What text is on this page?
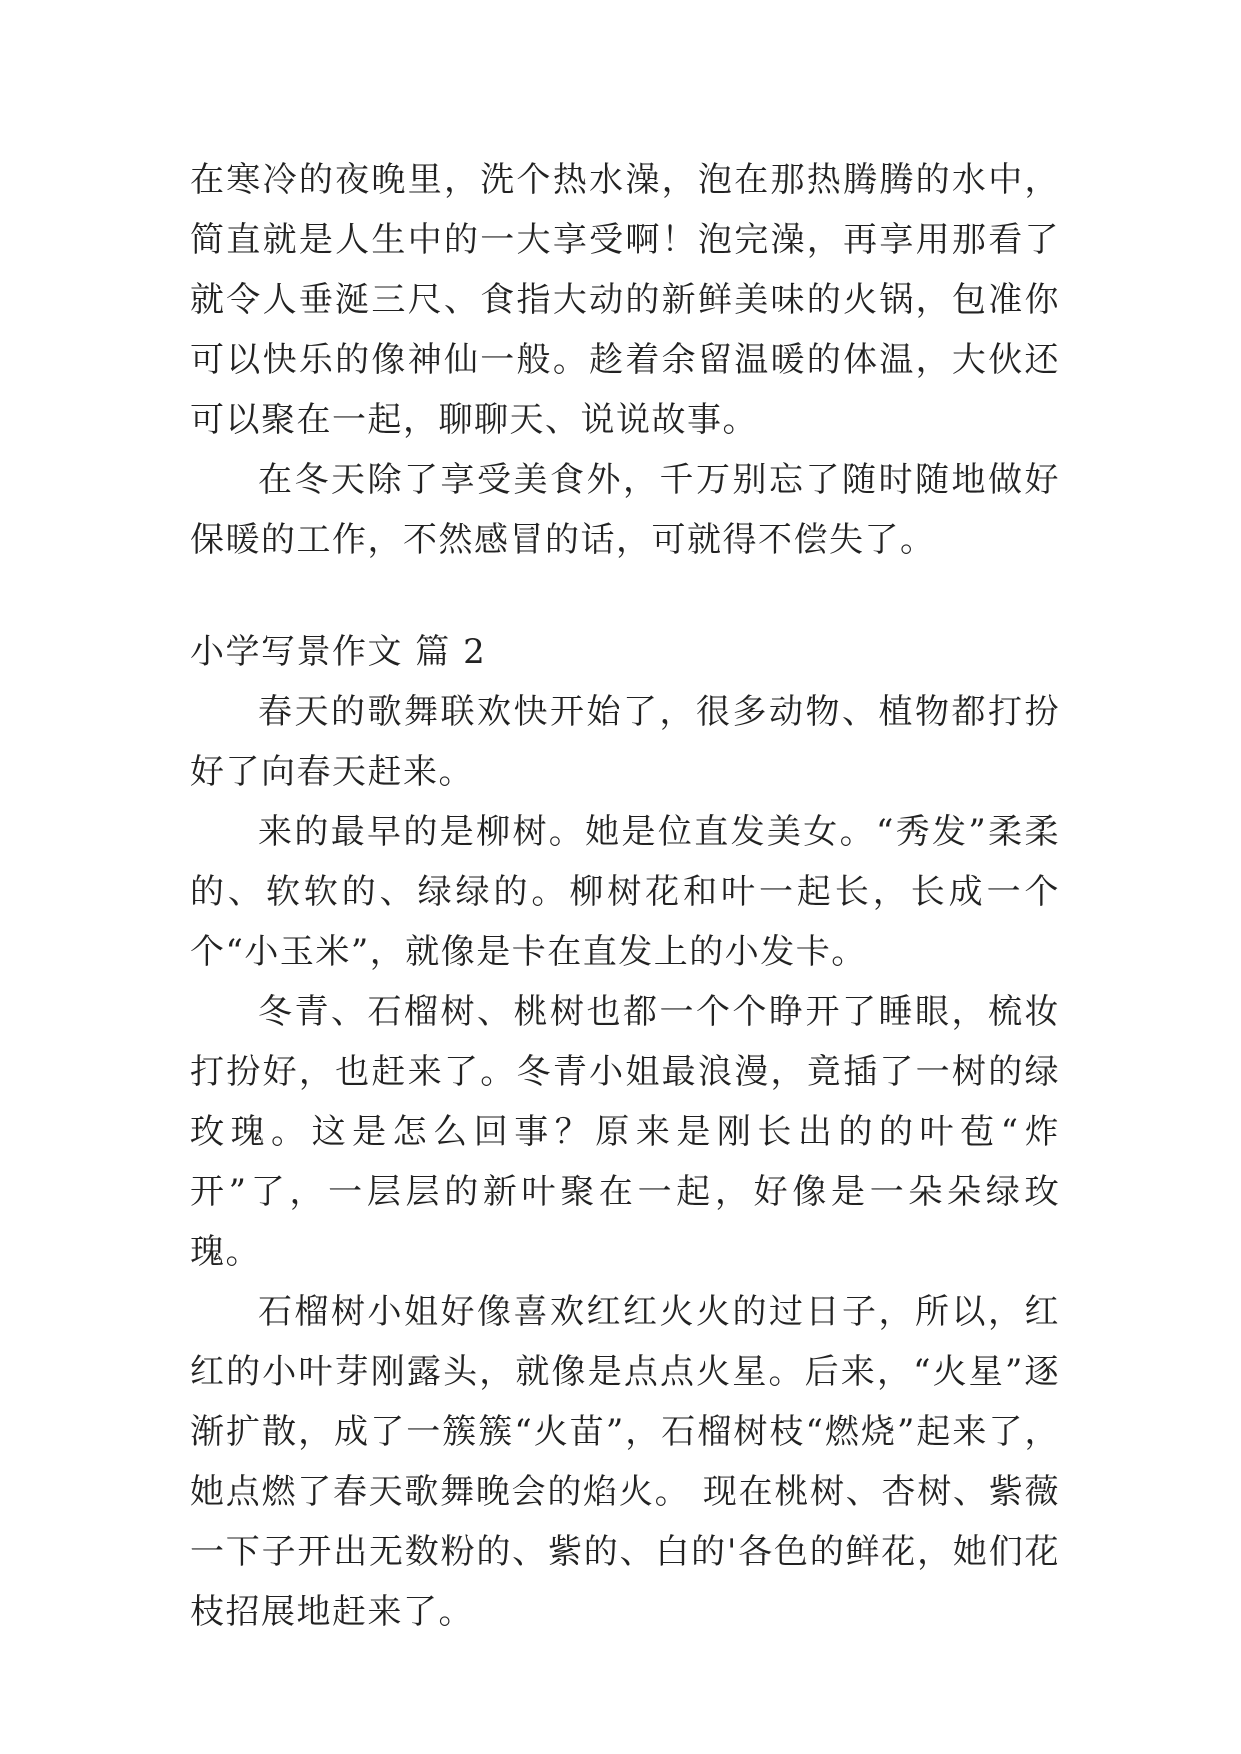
在寒冷的夜晚里，洗个热水澡，泡在那热腾腾的水中，简直就是人生中的一大享受啊！泡完澡，再享用那看了就令人垂涎三尺、食指大动的新鲜美味的火锅，包准你可以快乐的像神仙一般。趁着余留温暖的体温，大伙还可以聚在一起，聊聊天、说说故事。

在冬天除了享受美食外，千万别忘了随时随地做好保暖的工作，不然感冒的话，可就得不偿失了。

小学写景作文 篇 2

春天的歌舞联欢快开始了，很多动物、植物都打扮好了向春天赶来。

来的最早的是柳树。她是位直发美女。“秀发”柔柔的、软软的、绿绿的。柳树花和叶一起长，长成一个个“小玉米”，就像是卡在直发上的小发卡。

冬青、石榴树、桃树也都一个个睁开了睡眼，梳妆打扮好，也赶来了。冬青小姐最浪漫，竟插了一树的绿玫瑰。这是怎么回事？原来是刚长出的的叶苞“炸开”了，一层层的新叶聚在一起，好像是一朵朵绿玫瑰。

石榴树小姐好像喜欢红红火火的过日子，所以，红红的小叶芽刚露头，就像是点点火星。后来，“火星”逐渐扩散，成了一簇簇“火苗”，石榴树枝“燃烧”起来了，她点燃了春天歌舞晚会的焰火。 现在桃树、杏树、紫薇一下子开出无数粉的、紫的、白的'各色的鲜花，她们花枝招展地赶来了。
